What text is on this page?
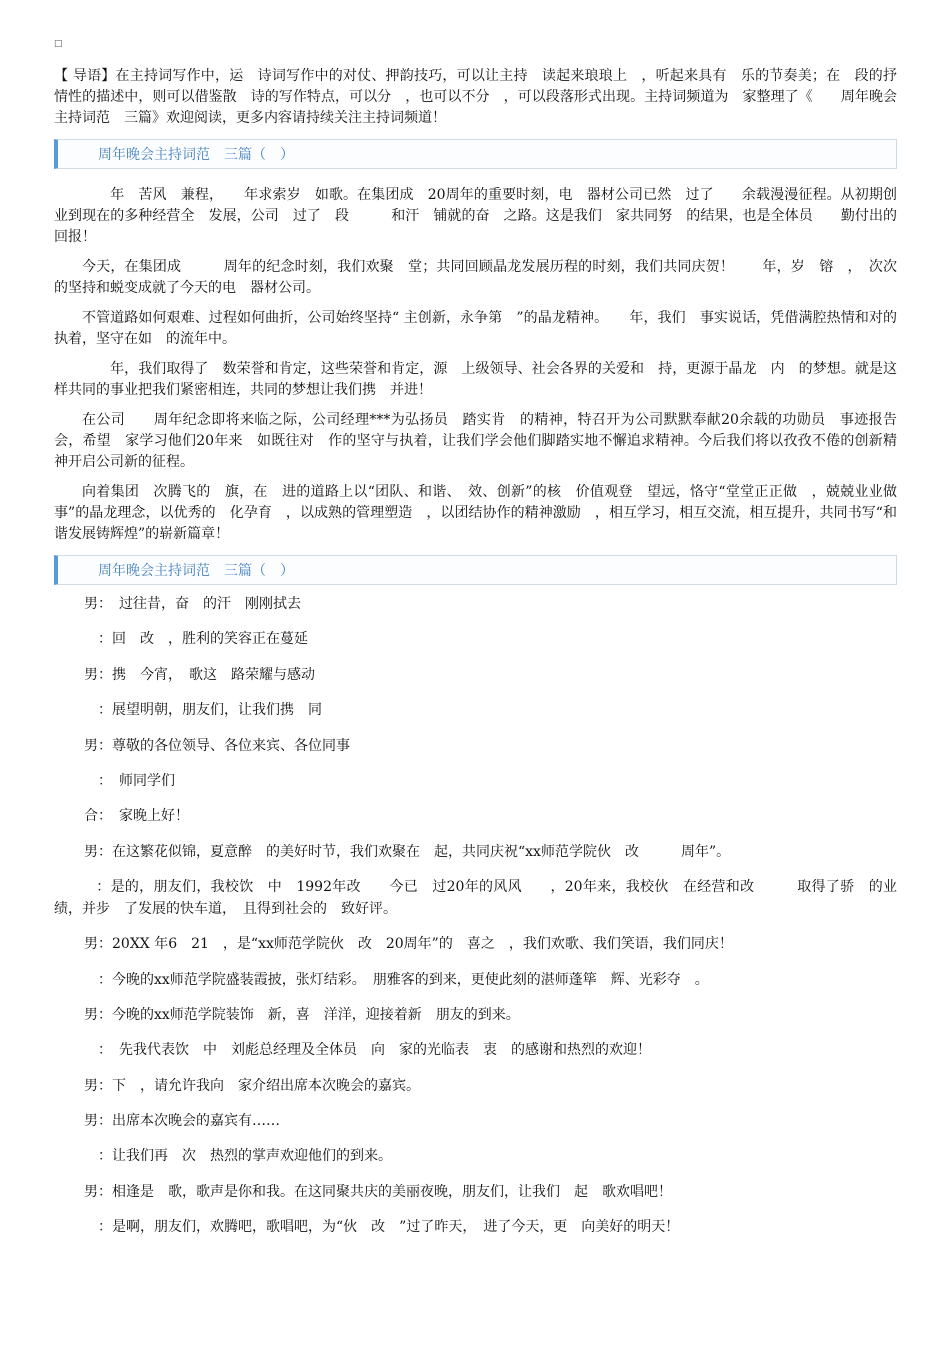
□

【 导语】在主持词写作中，运　诗词写作中的对仗、押韵技巧，可以让主持　读起来琅琅上　，听起来具有　乐的节奏美；在　段的抒情性的描述中，则可以借鉴散　诗的写作特点，可以分　，也可以不分　，可以段落形式出现。主持词频道为　家整理了《　　周年晚会主持词范　三篇》欢迎阅读，更多内容请持续关注主持词频道！

周年晚会主持词范　三篇（　）

　　年　苦风　兼程，　　年求索岁　如歌。在集团成　20周年的重要时刻，电　器材公司已然　过了　　余载漫漫征程。从初期创业到现在的多种经营全　发展，公司　过了　段　　　和汗　铺就的奋　之路。这是我们　家共同努　的结果，也是全体员　　勤付出的回报！

今天，在集团成　　　周年的纪念时刻，我们欢聚　堂；共同回顾晶龙发展历程的时刻，我们共同庆贺！　　年，岁　镕　，　次次的坚持和蜕变成就了今天的电　器材公司。

不管道路如何艰难、过程如何曲折，公司始终坚持“ 主创新，永争第　”的晶龙精神。　　年，我们　事实说话，凭借满腔热情和对的执着，坚守在如　的流年中。

　　年，我们取得了　数荣誉和肯定，这些荣誉和肯定，源　上级领导、社会各界的关爱和　持，更源于晶龙　内　的梦想。就是这样共同的事业把我们紧密相连，共同的梦想让我们携　并进！

在公司　　周年纪念即将来临之际，公司经理***为弘扬员　踏实肯　的精神，特召开为公司默默奉献20余载的功勋员　事迹报告会，希望　家学习他们20年来　如既往对　作的坚守与执着，让我们学会他们脚踏实地不懈追求精神。今后我们将以孜孜不倦的创新精神开启公司新的征程。

向着集团　次腾飞的　旗，在　进的道路上以“团队、和谐、　效、创新”的核　价值观登　望远，恪守“堂堂正正做　，兢兢业业做事”的晶龙理念，以优秀的　化孕育　，以成熟的管理塑造　，以团结协作的精神激励　，相互学习，相互交流，相互提升，共同书写“和谐发展铸辉煌”的崭新篇章！

周年晚会主持词范　三篇（　）

男：　过往昔，奋　的汗　刚刚拭去

　：回　改　，胜利的笑容正在蔓延

男：携　今宵，　歌这　路荣耀与感动

　：展望明朝，朋友们，让我们携　同

男：尊敬的各位领导、各位来宾、各位同事

　：　师同学们

合：　家晚上好！

男：在这繁花似锦，夏意醉　的美好时节，我们欢聚在　起，共同庆祝“xx师范学院伙　改　　　周年”。

　：是的，朋友们，我校饮　中　1992年改　　今已　过20年的风风　　，20年来，我校伙　在经营和改　　　取得了骄　的业绩，并步　了发展的快车道，　且得到社会的　致好评。

男：20XX 年6　21　，是“xx师范学院伙　改　20周年”的　喜之　，我们欢歌、我们笑语，我们同庆！

　：今晚的xx师范学院盛装霞披，张灯结彩。　朋雅客的到来，更使此刻的湛师蓬筚　辉、光彩夺　。

男：今晚的xx师范学院装饰　新，喜　洋洋，迎接着新　朋友的到来。

　：　先我代表饮　中　刘彪总经理及全体员　向　家的光临表　衷　的感谢和热烈的欢迎！

男：下　，请允许我向　家介绍出席本次晚会的嘉宾。

男：出席本次晚会的嘉宾有……

　：让我们再　次　热烈的掌声欢迎他们的到来。

男：相逢是　歌，歌声是你和我。在这同聚共庆的美丽夜晚，朋友们，让我们　起　歌欢唱吧！

　：是啊，朋友们，欢腾吧，歌唱吧，为“伙　改　”过了昨天，　进了今天，更　向美好的明天！
